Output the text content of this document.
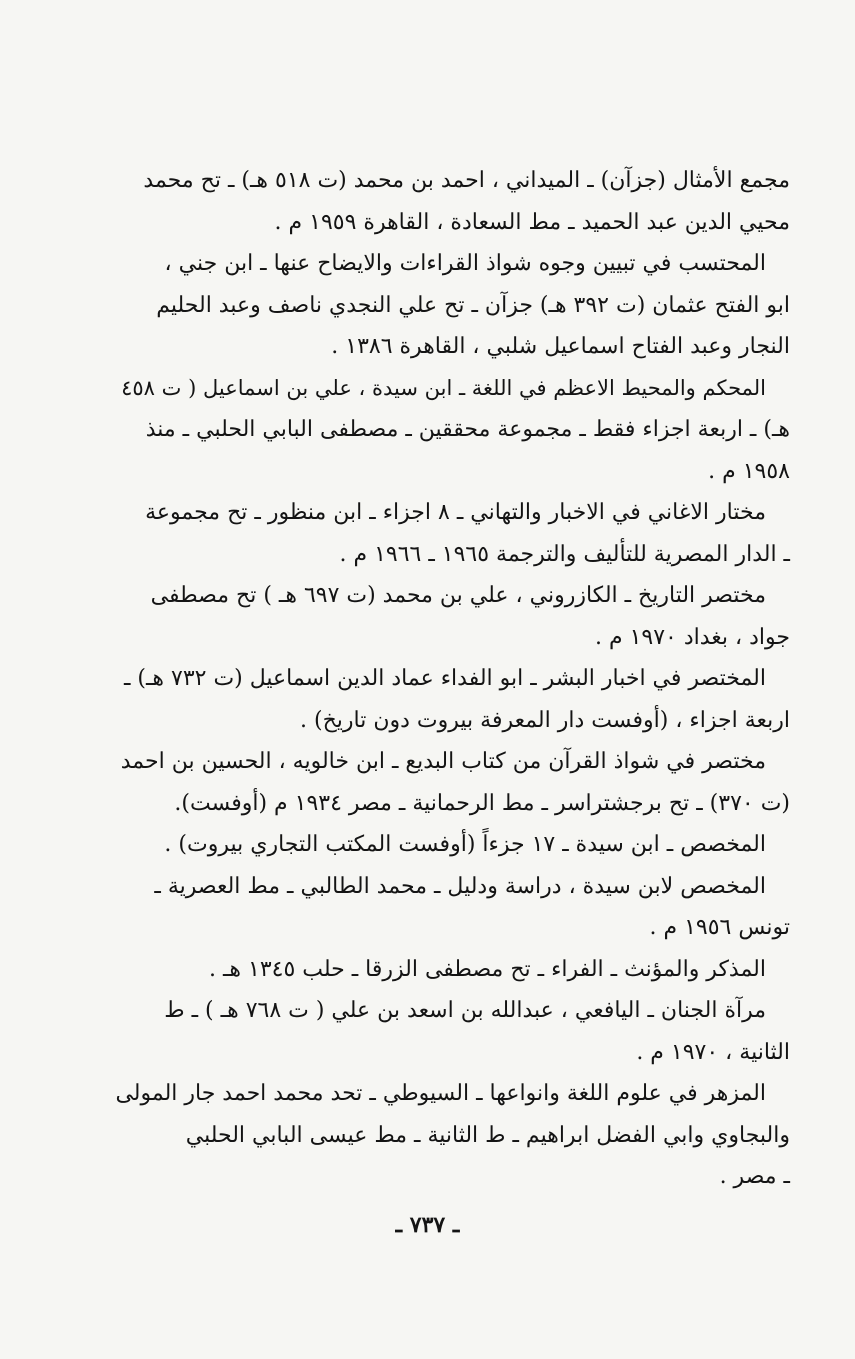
مجمع الأمثال (جزآن) ـ الميداني ، احمد بن محمد (ت ٥١٨ هـ) ـ تح محمد
محيي الدين عبد الحميد ـ مط السعادة ، القاهرة ١٩٥٩ م .
المحتسب في تبيين وجوه شواذ القراءات والايضاح عنها ـ ابن جني ،
ابو الفتح عثمان (ت ٣٩٢ هـ) جزآن ـ تح علي النجدي ناصف وعبد الحليم
النجار وعبد الفتاح اسماعيل شلبي ، القاهرة ١٣٨٦ .
المحكم والمحيط الاعظم في اللغة ـ ابن سيدة ، علي بن اسماعيل ( ت ٤٥٨
هـ) ـ اربعة اجزاء فقط ـ مجموعة محققين ـ مصطفى البابي الحلبي ـ منذ
١٩٥٨ م .
مختار الاغاني في الاخبار والتهاني ـ ٨ اجزاء ـ ابن منظور ـ تح مجموعة
ـ الدار المصرية للتأليف والترجمة ١٩٦٥ ـ ١٩٦٦ م .
مختصر التاريخ ـ الكازروني ، علي بن محمد (ت ٦٩٧ هـ ) تح مصطفى
جواد ، بغداد ١٩٧٠ م .
المختصر في اخبار البشر ـ ابو الفداء عماد الدين اسماعيل (ت ٧٣٢ هـ) ـ
اربعة اجزاء ، (أوفست دار المعرفة بيروت دون تاريخ) .
مختصر في شواذ القرآن من كتاب البديع ـ ابن خالويه ، الحسين بن احمد
(ت ٣٧٠) ـ تح برجشتراسر ـ مط الرحمانية ـ مصر ١٩٣٤ م (أوفست).
المخصص ـ ابن سيدة ـ ١٧ جزءاً (أوفست المكتب التجاري بيروت) .
المخصص لابن سيدة ، دراسة ودليل ـ محمد الطالبي ـ مط العصرية ـ
تونس ١٩٥٦ م .
المذكر والمؤنث ـ الفراء ـ تح مصطفى الزرقا ـ حلب ١٣٤٥ هـ .
مرآة الجنان ـ اليافعي ، عبدالله بن اسعد بن علي ( ت ٧٦٨ هـ ) ـ ط
الثانية ، ١٩٧٠ م .
المزهر في علوم اللغة وانواعها ـ السيوطي ـ تحد محمد احمد جار المولى
والبجاوي وابي الفضل ابراهيم ـ ط الثانية ـ مط عيسى البابي الحلبي
ـ مصر .
ـ ٧٣٧ ـ
